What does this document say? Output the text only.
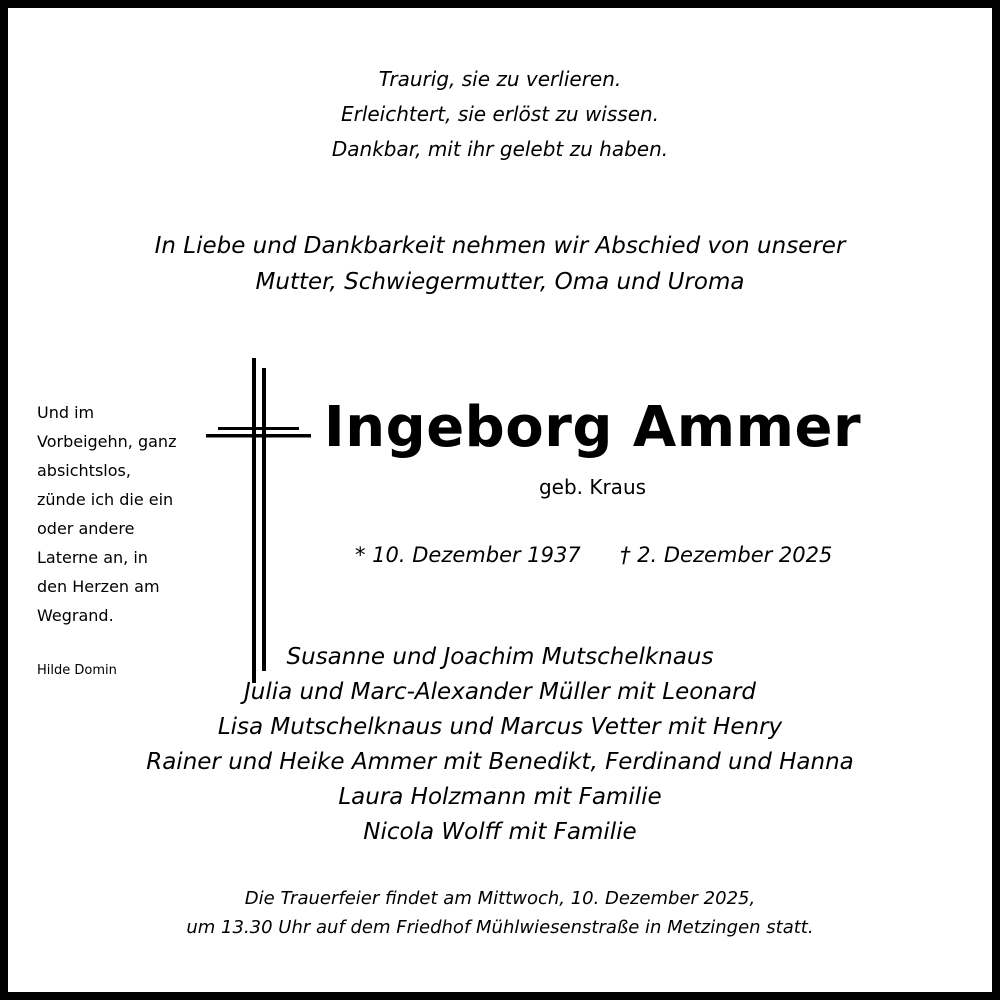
Traurig, sie zu verlieren.
Erleichtert, sie erlöst zu wissen.
Dankbar, mit ihr gelebt zu haben.
In Liebe und Dankbarkeit nehmen wir Abschied von unserer
Mutter, Schwiegermutter, Oma und Uroma
Ingeborg Ammer
geb. Kraus
* 10. Dezember 1937 † 2. Dezember 2025
Und im
Vorbeigehn, ganz
absichtslos,
zünde ich die ein
oder andere
Laterne an, in
den Herzen am
Wegrand.
Hilde Domin
Susanne und Joachim Mutschelknaus
Julia und Marc-Alexander Müller mit Leonard
Lisa Mutschelknaus und Marcus Vetter mit Henry
Rainer und Heike Ammer mit Benedikt, Ferdinand und Hanna
Laura Holzmann mit Familie
Nicola Wolff mit Familie
Die Trauerfeier findet am Mittwoch, 10. Dezember 2025,
um 13.30 Uhr auf dem Friedhof Mühlwiesenstraße in Metzingen statt.
